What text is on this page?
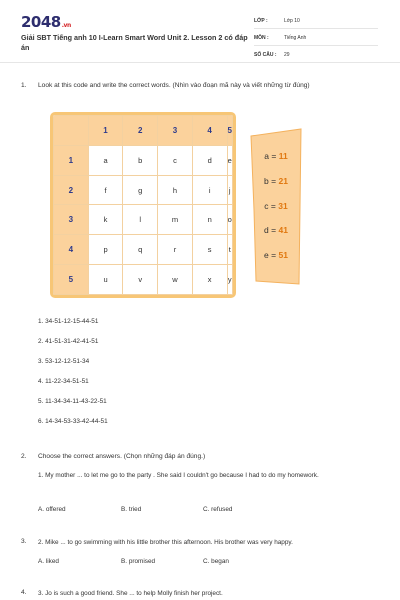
2048.vn
Giải SBT Tiếng anh 10 I-Learn Smart Word Unit 2. Lesson 2 có đáp án
LỚP :	Lớp 10
MÔN :	Tiếng Anh
SỐ CÂU : 29
1. Look at this code and write the correct words. (Nhìn vào đoạn mã này và viết những từ đúng)
	1	2	3	4	5
1	a	b	c	d	e
2	f	g	h	i	j
3	k	l	m	n	o
4	p	q	r	s	t
5	u	v	w	x	y
a = 11
b = 21
c = 31
d = 41
e = 51
1. 34-51-12-15-44-51
2. 41-51-31-42-41-51
3. 53-12-12-51-34
4. 11-22-34-51-51
5. 11-34-34-11-43-22-51
6. 14-34-53-33-42-44-51
2. Choose the correct answers. (Chọn những đáp án đúng.)
1. My mother ... to let me go to the party . She said I couldn't go because I had to do my homework.
A. offered	B. tried	C. refused
3. 2. Mike ... to go swimming with his little brother this afternoon. His brother was very happy.
A. liked	B. promised	C. began
4. 3. Jo is such a good friend. She ... to help Molly finish her project.
